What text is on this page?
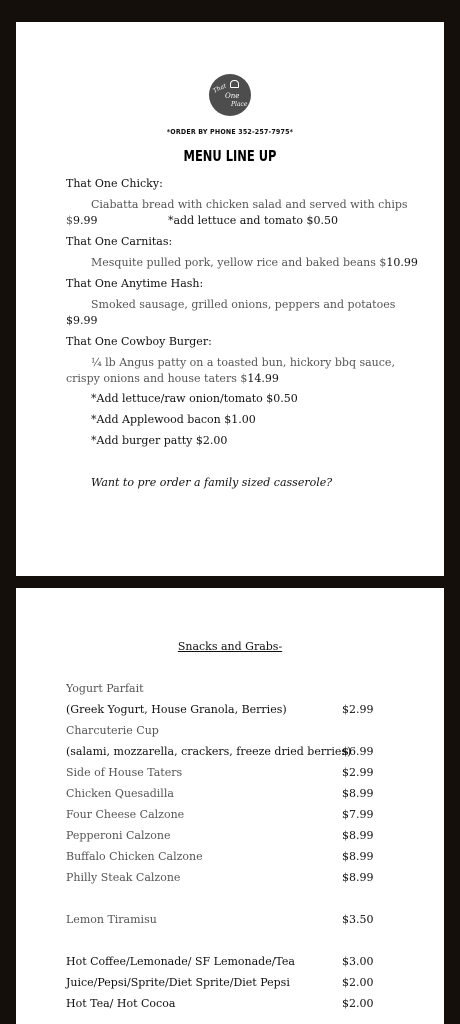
That
One
Place
*ORDER BY PHONE 352-257-7975*
MENU LINE UP
That One Chicky:
Ciabatta bread with chicken salad and served with chips
$9.99	*add lettuce and tomato $0.50
That One Carnitas:
Mesquite pulled pork, yellow rice and baked beans $10.99
That One Anytime Hash:
Smoked sausage, grilled onions, peppers and potatoes
$9.99
That One Cowboy Burger:
¼ lb Angus patty on a toasted bun, hickory bbq sauce,
crispy onions and house taters $14.99
*Add lettuce/raw onion/tomato $0.50
*Add Applewood bacon $1.00
*Add burger patty $2.00
Want to pre order a family sized casserole?
Snacks and Grabs-
Yogurt Parfait
(Greek Yogurt, House Granola, Berries)	$2.99
Charcuterie Cup
(salami, mozzarella, crackers, freeze dried berries)
$6.99
Side of House Taters	$2.99
Chicken Quesadilla	$8.99
Four Cheese Calzone	$7.99
Pepperoni Calzone	$8.99
Buffalo Chicken Calzone	$8.99
Philly Steak Calzone	$8.99
Lemon Tiramisu	$3.50
Hot Coffee/Lemonade/ SF Lemonade/Tea	$3.00
Juice/Pepsi/Sprite/Diet Sprite/Diet Pepsi	$2.00
Hot Tea/ Hot Cocoa	$2.00
